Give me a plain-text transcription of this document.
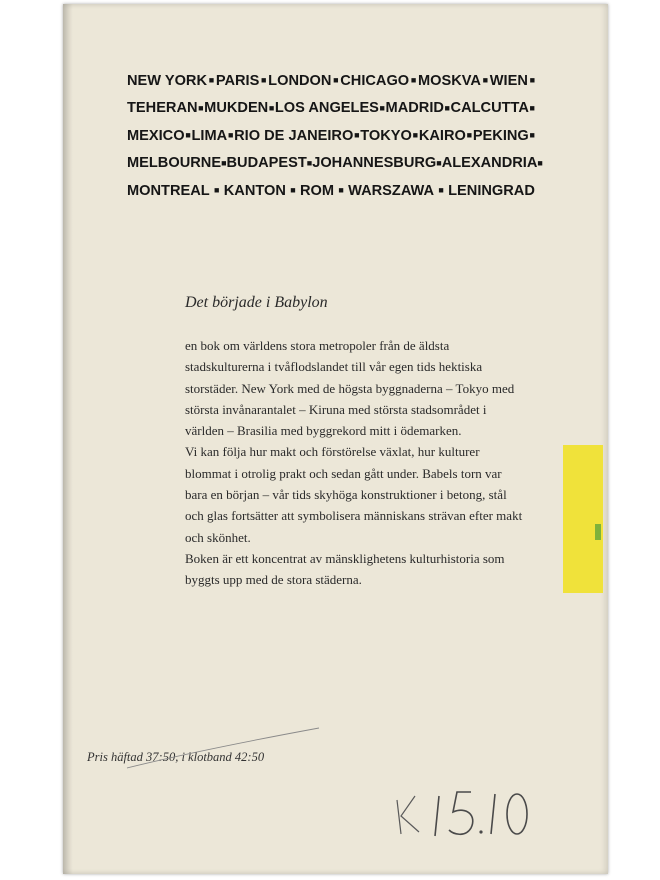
NEW YORK ■ PARIS ■ LONDON ■ CHICAGO ■ MOSKVA ■ WIEN ■
TEHERAN ■ MUKDEN ■ LOS ANGELES ■ MADRID ■ CALCUTTA ■
MEXICO ■ LIMA ■ RIO DE JANEIRO ■ TOKYO ■ KAIRO ■ PEKING ■
MELBOURNE ■ BUDAPEST ■ JOHANNESBURG ■ ALEXANDRIA ■
MONTREAL ■ KANTON ■ ROM ■ WARSZAWA ■ LENINGRAD
Det började i Babylon

en bok om världens stora metropoler från de äldsta stadskulturerna i tvåflodslandet till vår egen tids hektiska storstäder. New York med de högsta byggnaderna – Tokyo med största invånarantalet – Kiruna med största stadsområdet i världen – Brasilia med byggrekord mitt i ödemarken.

Vi kan följa hur makt och förstörelse växlat, hur kulturer blommat i otrolig prakt och sedan gått under. Babels torn var bara en början – vår tids skyhöga konstruktioner i betong, stål och glas fortsätter att symbolisera människans strävan efter makt och skönhet.

Boken är ett koncentrat av mänsklighetens kulturhistoria som byggts upp med de stora städerna.

Pris häftad 37:50, i klotband 42:50
